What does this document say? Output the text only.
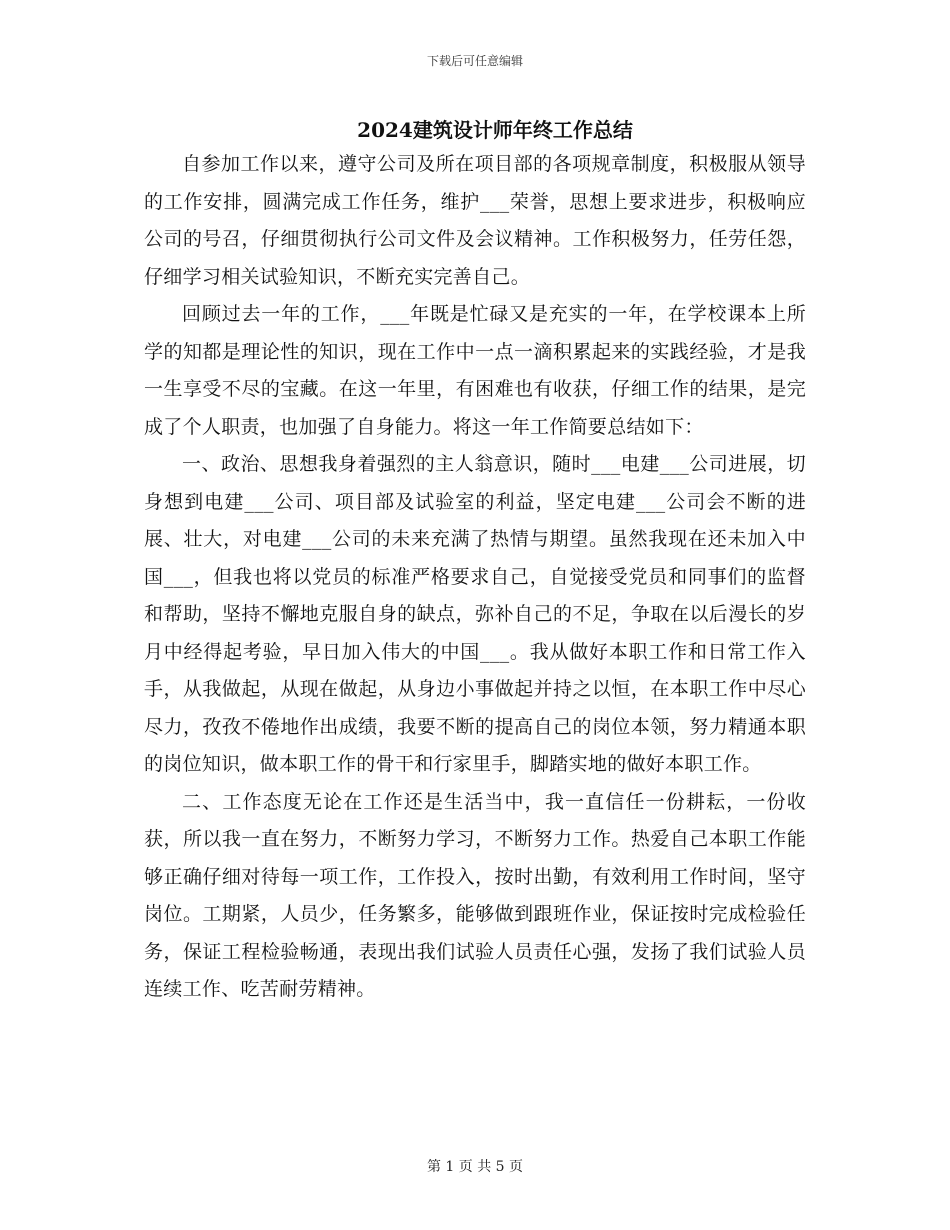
下载后可任意编辑
2024建筑设计师年终工作总结

自参加工作以来，遵守公司及所在项目部的各项规章制度，积极服从领导的工作安排，圆满完成工作任务，维护___荣誉，思想上要求进步，积极响应公司的号召，仔细贯彻执行公司文件及会议精神。工作积极努力，任劳任怨，仔细学习相关试验知识，不断充实完善自己。

回顾过去一年的工作，___年既是忙碌又是充实的一年，在学校课本上所学的知都是理论性的知识，现在工作中一点一滴积累起来的实践经验，才是我一生享受不尽的宝藏。在这一年里，有困难也有收获，仔细工作的结果，是完成了个人职责，也加强了自身能力。将这一年工作简要总结如下：

一、政治、思想我身着强烈的主人翁意识，随时___电建___公司进展，切身想到电建___公司、项目部及试验室的利益，坚定电建___公司会不断的进展、壮大，对电建___公司的未来充满了热情与期望。虽然我现在还未加入中国___，但我也将以党员的标准严格要求自己，自觉接受党员和同事们的监督和帮助，坚持不懈地克服自身的缺点，弥补自己的不足，争取在以后漫长的岁月中经得起考验，早日加入伟大的中国___。我从做好本职工作和日常工作入手，从我做起，从现在做起，从身边小事做起并持之以恒，在本职工作中尽心尽力，孜孜不倦地作出成绩，我要不断的提高自己的岗位本领，努力精通本职的岗位知识，做本职工作的骨干和行家里手，脚踏实地的做好本职工作。

二、工作态度无论在工作还是生活当中，我一直信任一份耕耘，一份收获，所以我一直在努力，不断努力学习，不断努力工作。热爱自己本职工作能够正确仔细对待每一项工作，工作投入，按时出勤，有效利用工作时间，坚守岗位。工期紧，人员少，任务繁多，能够做到跟班作业，保证按时完成检验任务，保证工程检验畅通，表现出我们试验人员责任心强，发扬了我们试验人员连续工作、吃苦耐劳精神。

第 1 页 共 5 页
